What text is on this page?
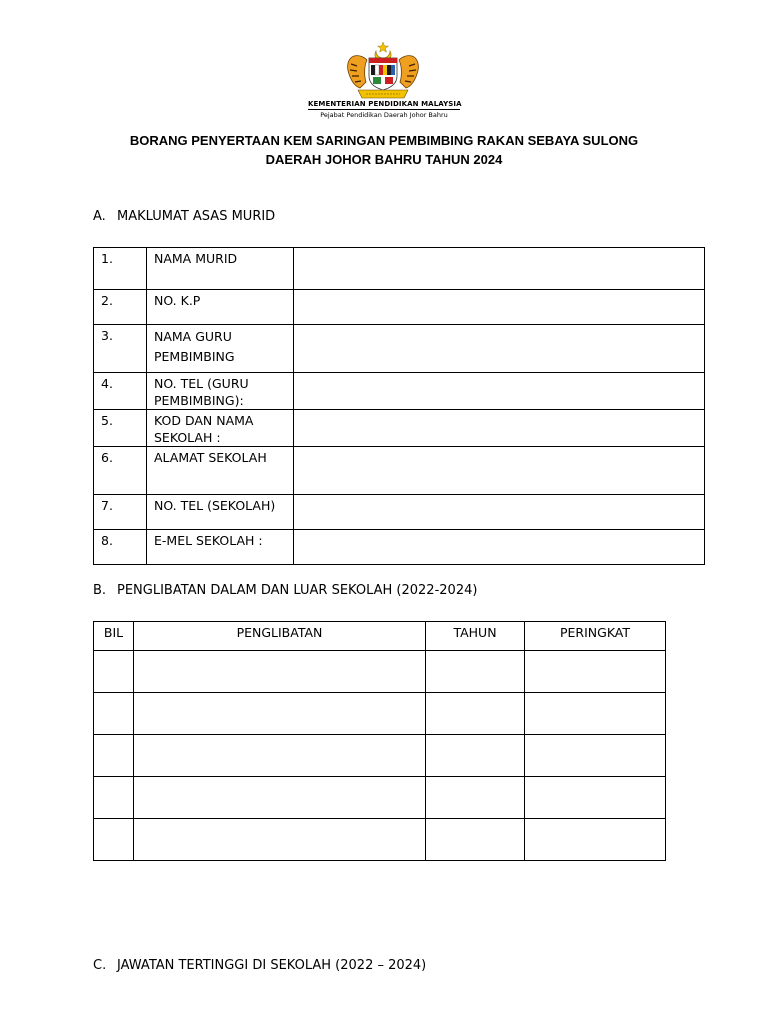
KEMENTERIAN PENDIDIKAN MALAYSIA
Pejabat Pendidikan Daerah Johor Bahru
BORANG PENYERTAAN KEM SARINGAN PEMBIMBING RAKAN SEBAYA SULONG
DAERAH JOHOR BAHRU TAHUN 2024
A. MAKLUMAT ASAS MURID
1.	NAMA MURID	
2.	NO. K.P	
3.	NAMA GURU PEMBIMBING	
4.	NO. TEL (GURU PEMBIMBING):	
5.	KOD DAN NAMA SEKOLAH :	
6.	ALAMAT SEKOLAH	
7.	NO. TEL (SEKOLAH)	
8.	E-MEL SEKOLAH :	
B. PENGLIBATAN DALAM DAN LUAR SEKOLAH (2022-2024)
BIL	PENGLIBATAN	TAHUN	PERINGKAT

C. JAWATAN TERTINGGI DI SEKOLAH (2022 – 2024)
